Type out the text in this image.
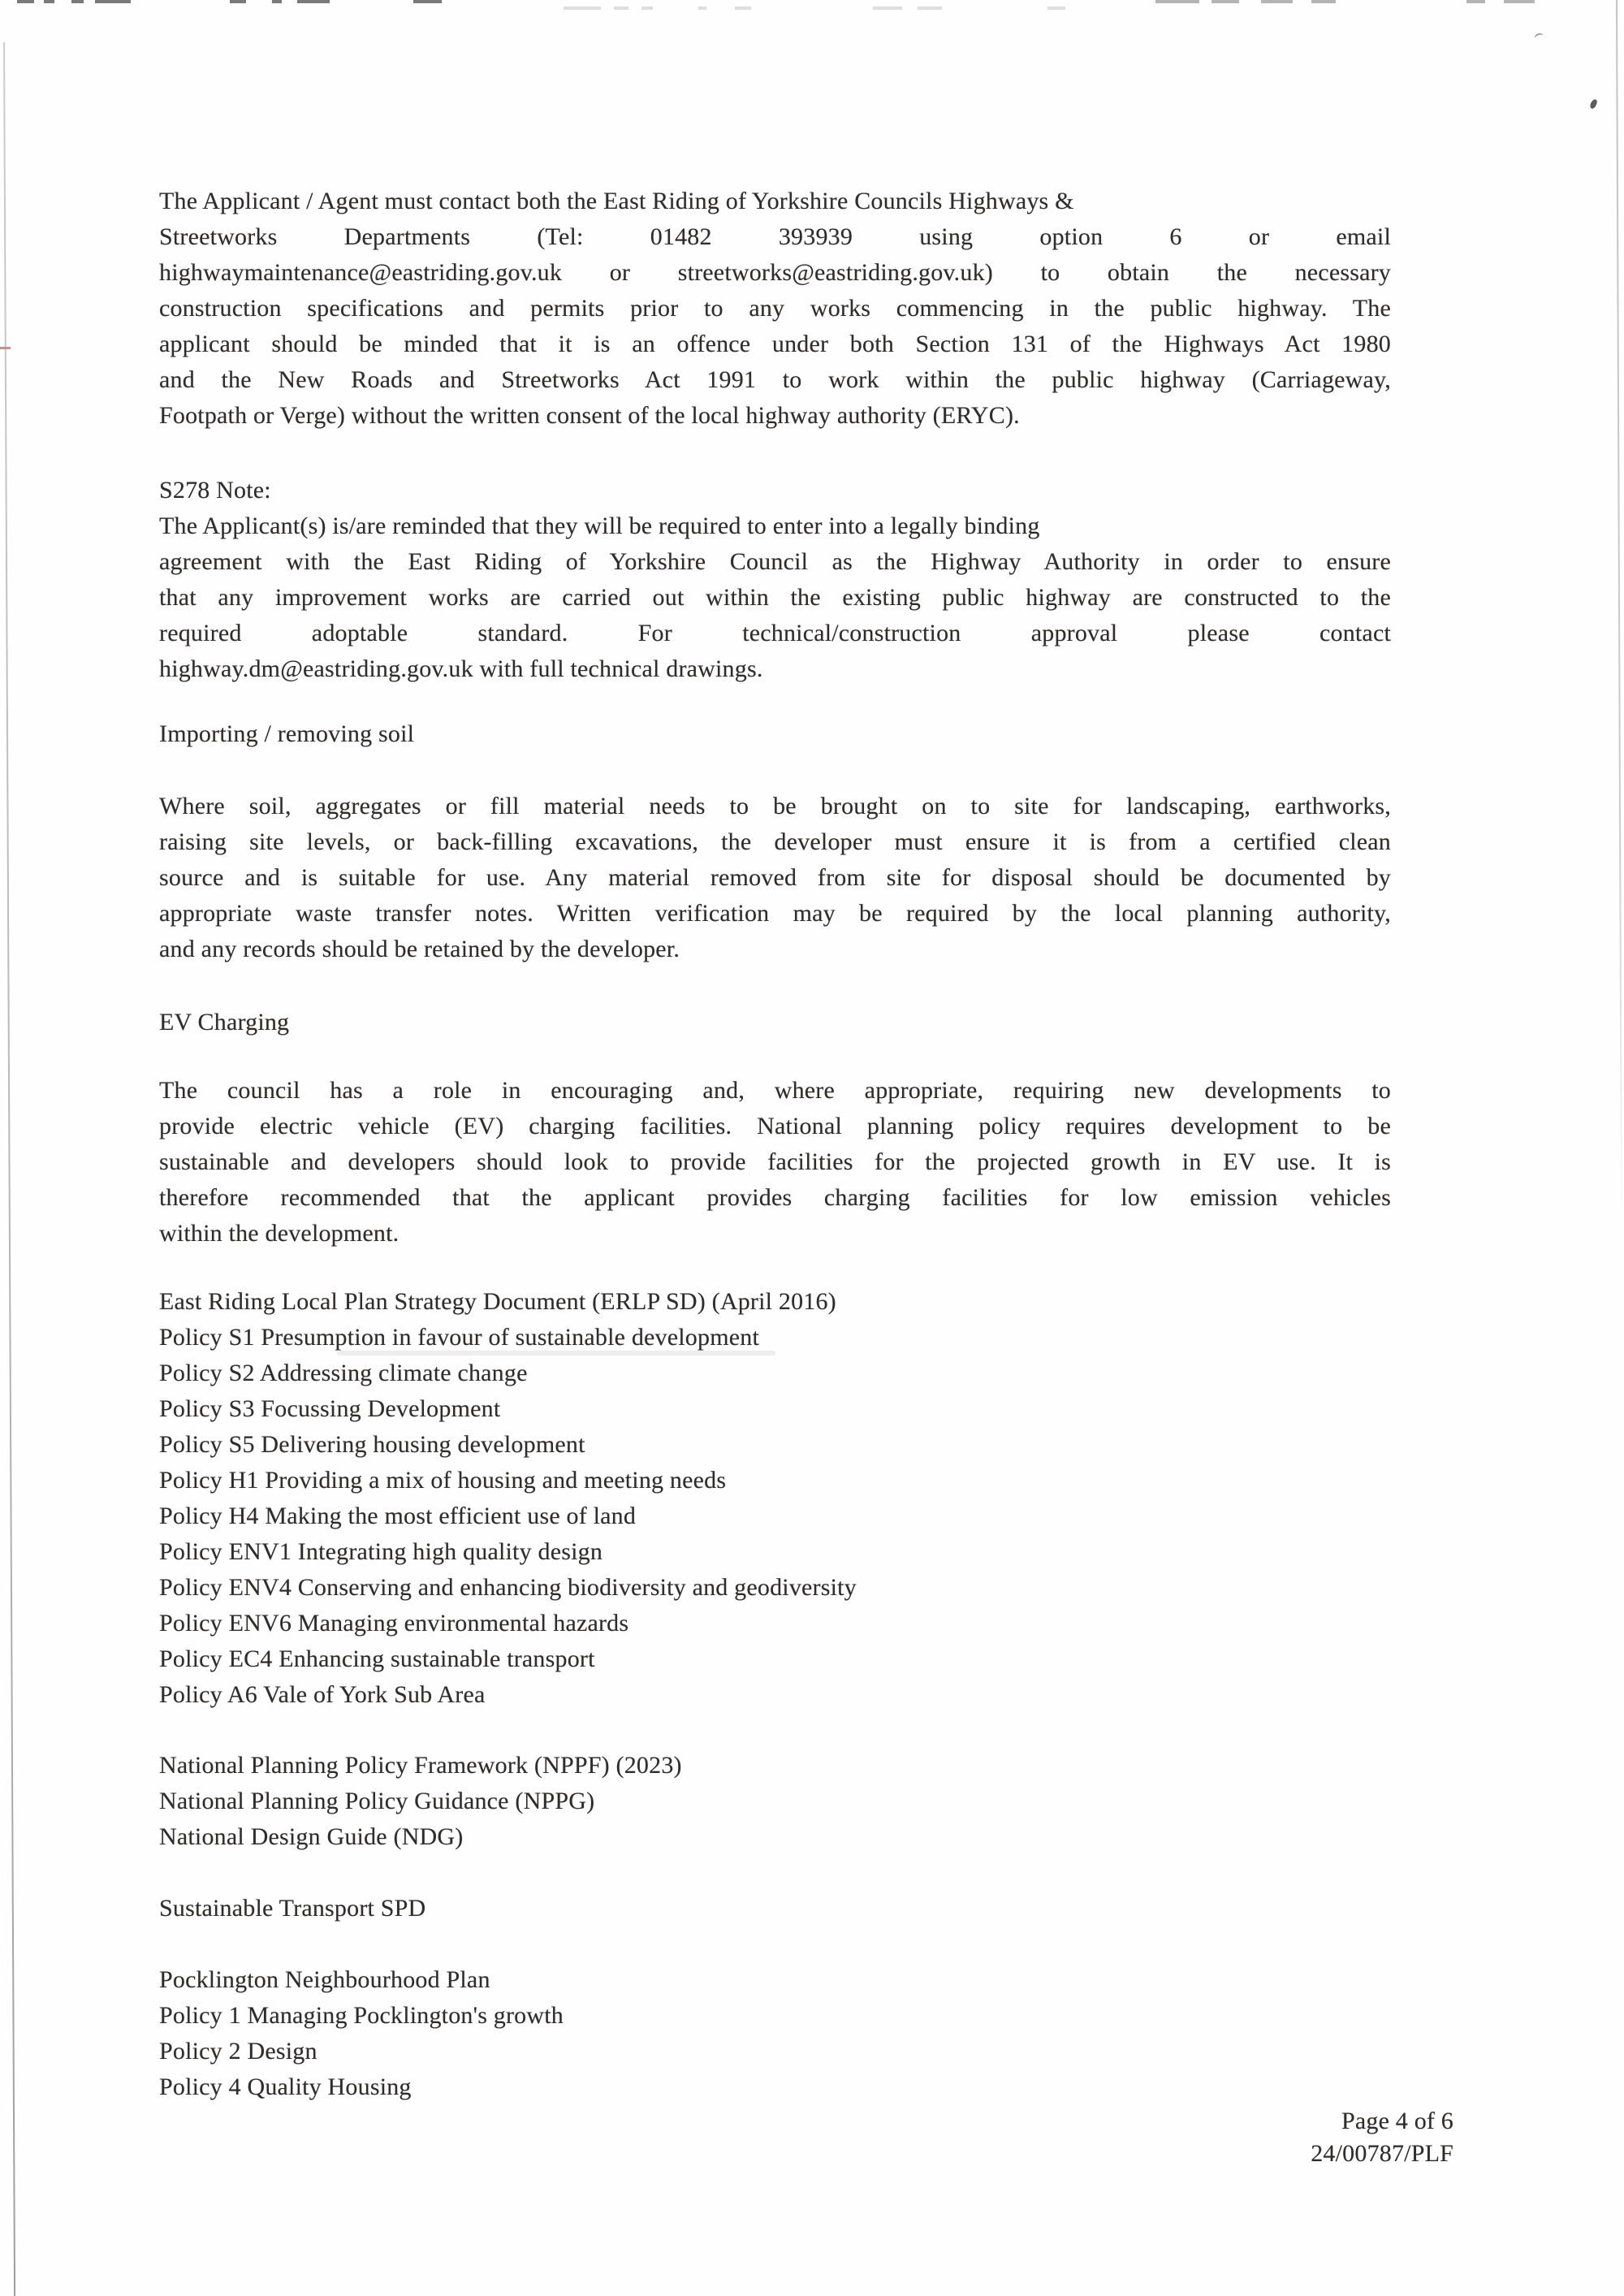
The Applicant / Agent must contact both the East Riding of Yorkshire Councils Highways &
Streetworks Departments (Tel: 01482 393939 using option 6 or email
highwaymaintenance@eastriding.gov.uk or streetworks@eastriding.gov.uk) to obtain the necessary
construction specifications and permits prior to any works commencing in the public highway. The
applicant should be minded that it is an offence under both Section 131 of the Highways Act 1980
and the New Roads and Streetworks Act 1991 to work within the public highway (Carriageway,
Footpath or Verge) without the written consent of the local highway authority (ERYC).
S278 Note:
The Applicant(s) is/are reminded that they will be required to enter into a legally binding
agreement with the East Riding of Yorkshire Council as the Highway Authority in order to ensure
that any improvement works are carried out within the existing public highway are constructed to the
required adoptable standard. For technical/construction approval please contact
highway.dm@eastriding.gov.uk with full technical drawings.
Importing / removing soil
Where soil, aggregates or fill material needs to be brought on to site for landscaping, earthworks,
raising site levels, or back-filling excavations, the developer must ensure it is from a certified clean
source and is suitable for use. Any material removed from site for disposal should be documented by
appropriate waste transfer notes. Written verification may be required by the local planning authority,
and any records should be retained by the developer.
EV Charging
The council has a role in encouraging and, where appropriate, requiring new developments to
provide electric vehicle (EV) charging facilities. National planning policy requires development to be
sustainable and developers should look to provide facilities for the projected growth in EV use. It is
therefore recommended that the applicant provides charging facilities for low emission vehicles
within the development.
East Riding Local Plan Strategy Document (ERLP SD) (April 2016)
Policy S1 Presumption in favour of sustainable development
Policy S2 Addressing climate change
Policy S3 Focussing Development
Policy S5 Delivering housing development
Policy H1 Providing a mix of housing and meeting needs
Policy H4 Making the most efficient use of land
Policy ENV1 Integrating high quality design
Policy ENV4 Conserving and enhancing biodiversity and geodiversity
Policy ENV6 Managing environmental hazards
Policy EC4 Enhancing sustainable transport
Policy A6 Vale of York Sub Area
National Planning Policy Framework (NPPF) (2023)
National Planning Policy Guidance (NPPG)
National Design Guide (NDG)
Sustainable Transport SPD
Pocklington Neighbourhood Plan
Policy 1 Managing Pocklington's growth
Policy 2 Design
Policy 4 Quality Housing
Page 4 of 6
24/00787/PLF
